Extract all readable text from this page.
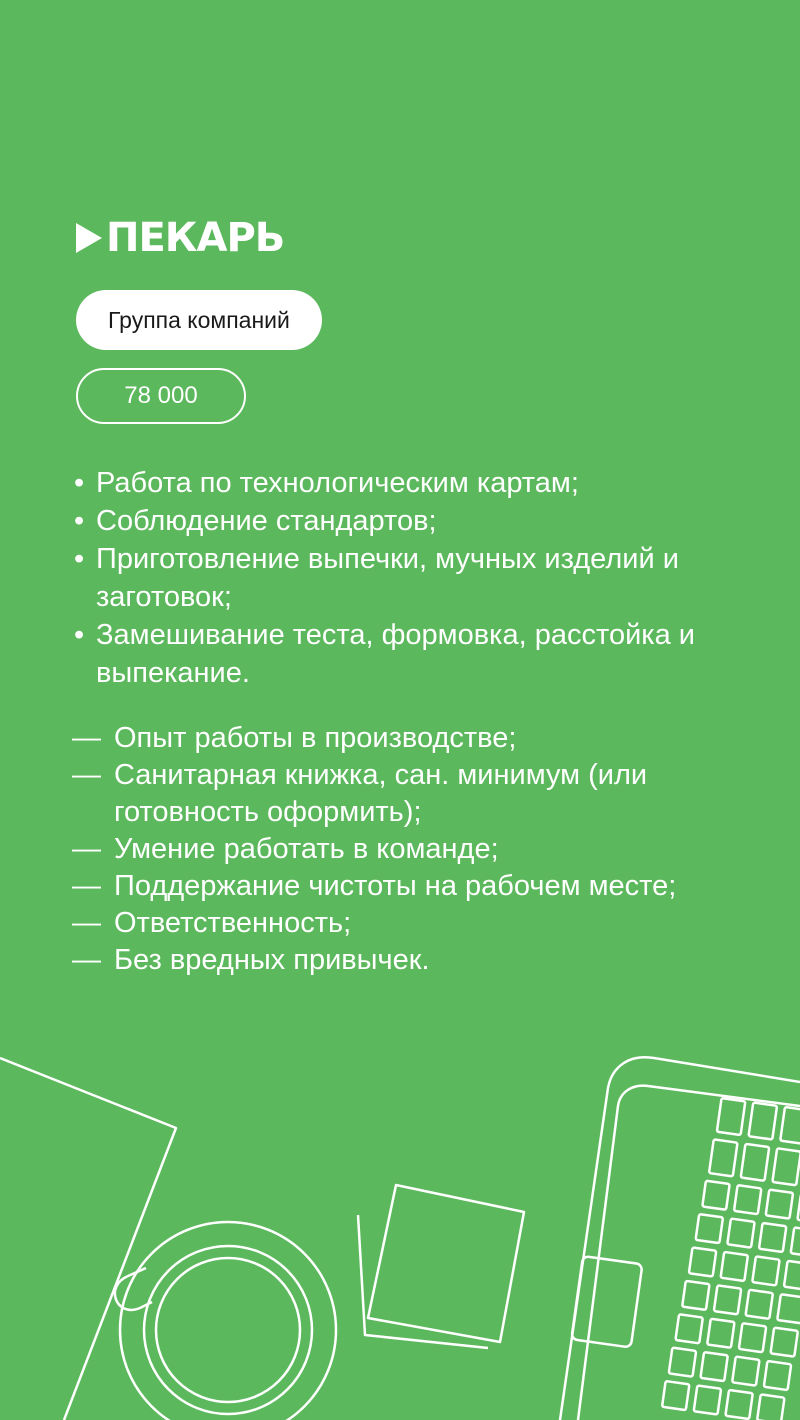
ПЕКАРЬ
Группа компаний
78 000
• Работа по технологическим картам;
• Соблюдение стандартов;
• Приготовление выпечки, мучных изделий и заготовок;
• Замешивание теста, формовка, расстойка и выпекание.
— Опыт работы в производстве;
— Санитарная книжка, сан. минимум (или готовность оформить);
— Умение работать в команде;
— Поддержание чистоты на рабочем месте;
— Ответственность;
— Без вредных привычек.
